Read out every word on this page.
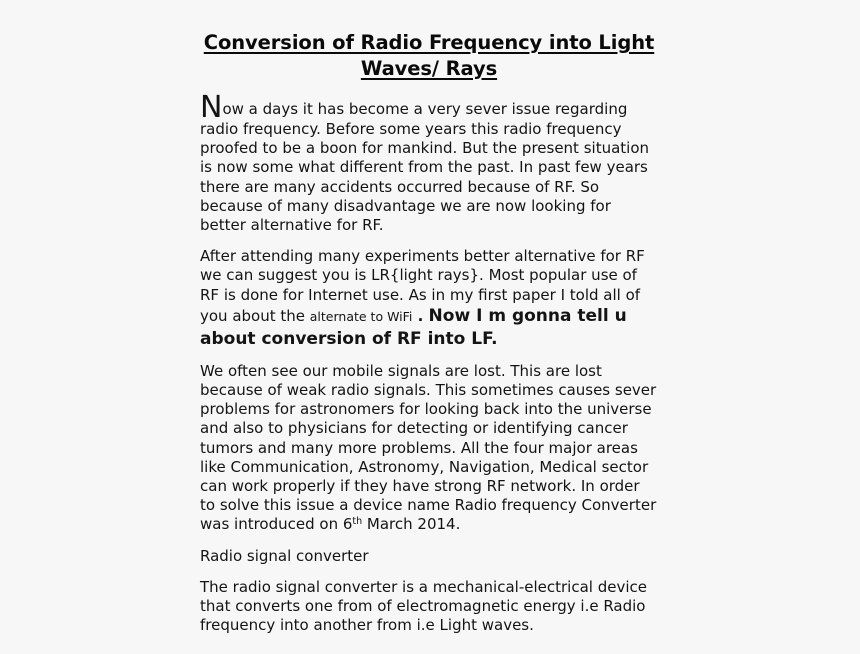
Conversion of Radio Frequency into Light
Waves/ Rays

Now a days it has become a very sever issue regarding radio frequency. Before some years this radio frequency proofed to be a boon for mankind. But the present situation is now some what different from the past. In past few years there are many accidents occurred because of RF. So because of many disadvantage we are now looking for better alternative for RF.

After attending many experiments better alternative for RF we can suggest you is LR{light rays}. Most popular use of RF is done for Internet use. As in my first paper I told all of you about the alternate to WiFi . Now I m gonna tell u about conversion of RF into LF.

We often see our mobile signals are lost. This are lost because of weak radio signals. This sometimes causes sever problems for astronomers for looking back into the universe and also to physicians for detecting or identifying cancer tumors and many more problems. All the four major areas like Communication, Astronomy, Navigation, Medical sector can work properly if they have strong RF network. In order to solve this issue a device name Radio frequency Converter was introduced on 6th March 2014.

Radio signal converter

The radio signal converter is a mechanical-electrical device that converts one from of electromagnetic energy i.e Radio frequency into another from i.e Light waves.
